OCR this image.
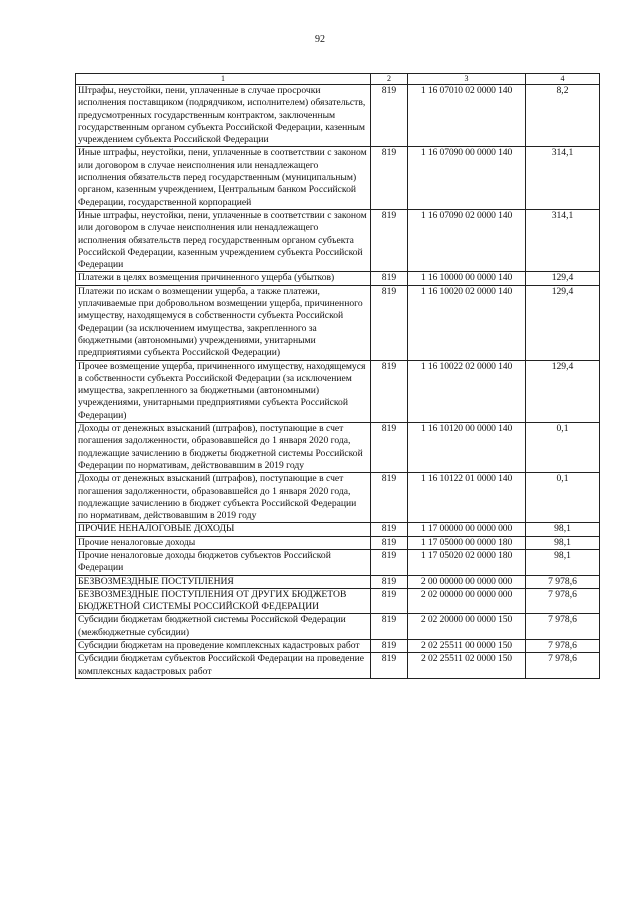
92
1	2	3	4
Штрафы, неустойки, пени, уплаченные в случае просрочки исполнения поставщиком (подрядчиком, исполнителем) обязательств, предусмотренных государственным контрактом, заключенным государственным органом субъекта Российской Федерации, казенным учреждением субъекта Российской Федерации	819	1 16 07010 02 0000 140	8,2
Иные штрафы, неустойки, пени, уплаченные в соответствии с законом или договором в случае неисполнения или ненадлежащего исполнения обязательств перед государственным (муниципальным) органом, казенным учреждением, Центральным банком Российской Федерации, государственной корпорацией	819	1 16 07090 00 0000 140	314,1
Иные штрафы, неустойки, пени, уплаченные в соответствии с законом или договором в случае неисполнения или ненадлежащего исполнения обязательств перед государственным органом субъекта Российской Федерации, казенным учреждением субъекта Российской Федерации	819	1 16 07090 02 0000 140	314,1
Платежи в целях возмещения причиненного ущерба (убытков)	819	1 16 10000 00 0000 140	129,4
Платежи по искам о возмещении ущерба, а также платежи, уплачиваемые при добровольном возмещении ущерба, причиненного имуществу, находящемуся в собственности субъекта Российской Федерации (за исключением имущества, закрепленного за бюджетными (автономными) учреждениями, унитарными предприятиями субъекта Российской Федерации)	819	1 16 10020 02 0000 140	129,4
Прочее возмещение ущерба, причиненного имуществу, находящемуся в собственности субъекта Российской Федерации (за исключением имущества, закрепленного за бюджетными (автономными) учреждениями, унитарными предприятиями субъекта Российской Федерации)	819	1 16 10022 02 0000 140	129,4
Доходы от денежных взысканий (штрафов), поступающие в счет погашения задолженности, образовавшейся до 1 января 2020 года, подлежащие зачислению в бюджеты бюджетной системы Российской Федерации по нормативам, действовавшим в 2019 году	819	1 16 10120 00 0000 140	0,1
Доходы от денежных взысканий (штрафов), поступающие в счет погашения задолженности, образовавшейся до 1 января 2020 года, подлежащие зачислению в бюджет субъекта Российской Федерации по нормативам, действовавшим в 2019 году	819	1 16 10122 01 0000 140	0,1
ПРОЧИЕ НЕНАЛОГОВЫЕ ДОХОДЫ	819	1 17 00000 00 0000 000	98,1
Прочие неналоговые доходы	819	1 17 05000 00 0000 180	98,1
Прочие неналоговые доходы бюджетов субъектов Российской Федерации	819	1 17 05020 02 0000 180	98,1
БЕЗВОЗМЕЗДНЫЕ ПОСТУПЛЕНИЯ	819	2 00 00000 00 0000 000	7 978,6
БЕЗВОЗМЕЗДНЫЕ ПОСТУПЛЕНИЯ ОТ ДРУГИХ БЮДЖЕТОВ БЮДЖЕТНОЙ СИСТЕМЫ РОССИЙСКОЙ ФЕДЕРАЦИИ	819	2 02 00000 00 0000 000	7 978,6
Субсидии бюджетам бюджетной системы Российской Федерации (межбюджетные субсидии)	819	2 02 20000 00 0000 150	7 978,6
Субсидии бюджетам на проведение комплексных кадастровых работ	819	2 02 25511 00 0000 150	7 978,6
Субсидии бюджетам субъектов Российской Федерации на проведение комплексных кадастровых работ	819	2 02 25511 02 0000 150	7 978,6
